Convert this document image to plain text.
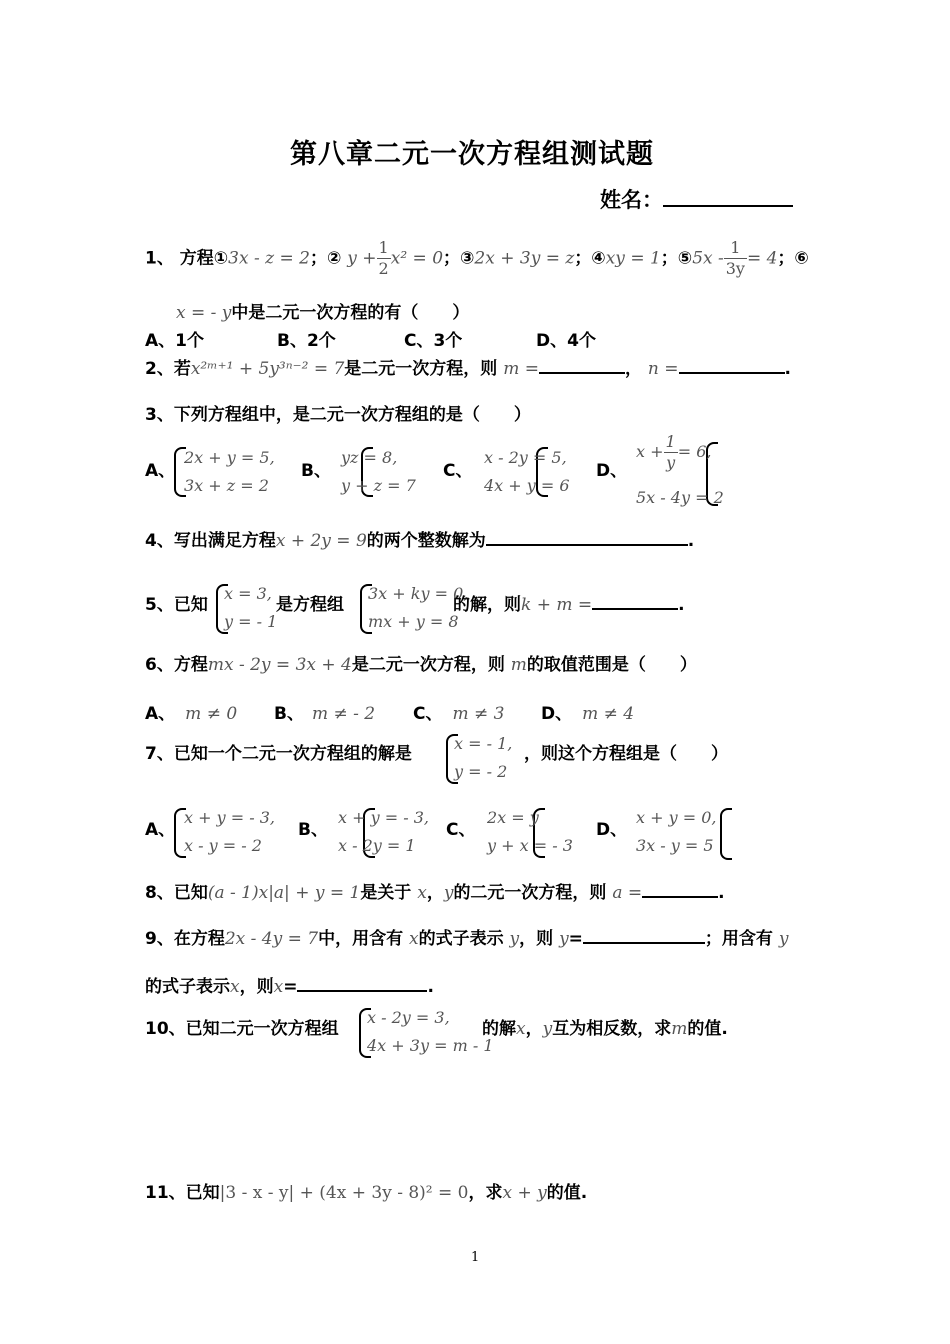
第八章二元一次方程组测试题
姓名：
1、 方程①3x - z = 2；② $y + \frac{1}{2} x^2 = 0$；③2x + 3y = z；④xy = 1；⑤5x - $\frac{1}{3y} = 4$；⑥
x = - y中是二元一次方程的有（　　）
A、1个	B、2个	C、3个	D、4个
2、若x²ᵐ⁺¹ + 5y³ⁿ⁻² = 7是二元一次方程，则 m =	， n =	.
3、下列方程组中，是二元一次方程组的是（　　）
A、
2x + y = 5,
3x + z = 2
B、
yz = 8,
y + z = 7
C、
x - 2y = 5,
4x + y = 6
D、
$x + \frac{1}{y} = 6$,
5x - 4y = 2
4、写出满足方程x + 2y = 9的两个整数解为	.
5、已知
x = 3,
y = - 1
是方程组
3x + ky = 0,
mx + y = 8
的解，则k + m =	.
6、方程mx - 2y = 3x + 4是二元一次方程，则 m的取值范围是（　　）
A、 m ≠ 0 B、 m ≠ - 2 C、 m ≠ 3 D、 m ≠ 4
7、已知一个二元一次方程组的解是
x = - 1,
y = - 2
，则这个方程组是（　　）
A、
x + y = - 3,
x - y = - 2
B、
x + y = - 3,
x - 2y = 1
C、
2x = y
y + x = - 3
D、
x + y = 0,
3x - y = 5
8、已知(a - 1)x|a| + y = 1是关于 x，y的二元一次方程，则 a =	.
9、在方程2x - 4y = 7中，用含有 x的式子表示 y，则 y=	；用含有 y
的式子表示x，则x=	.
10、已知二元一次方程组
x - 2y = 3,
4x + 3y = m - 1
的解x，y互为相反数，求m的值.
11、已知|3 - x - y| + (4x + 3y - 8)² = 0，求x + y的值.
1
